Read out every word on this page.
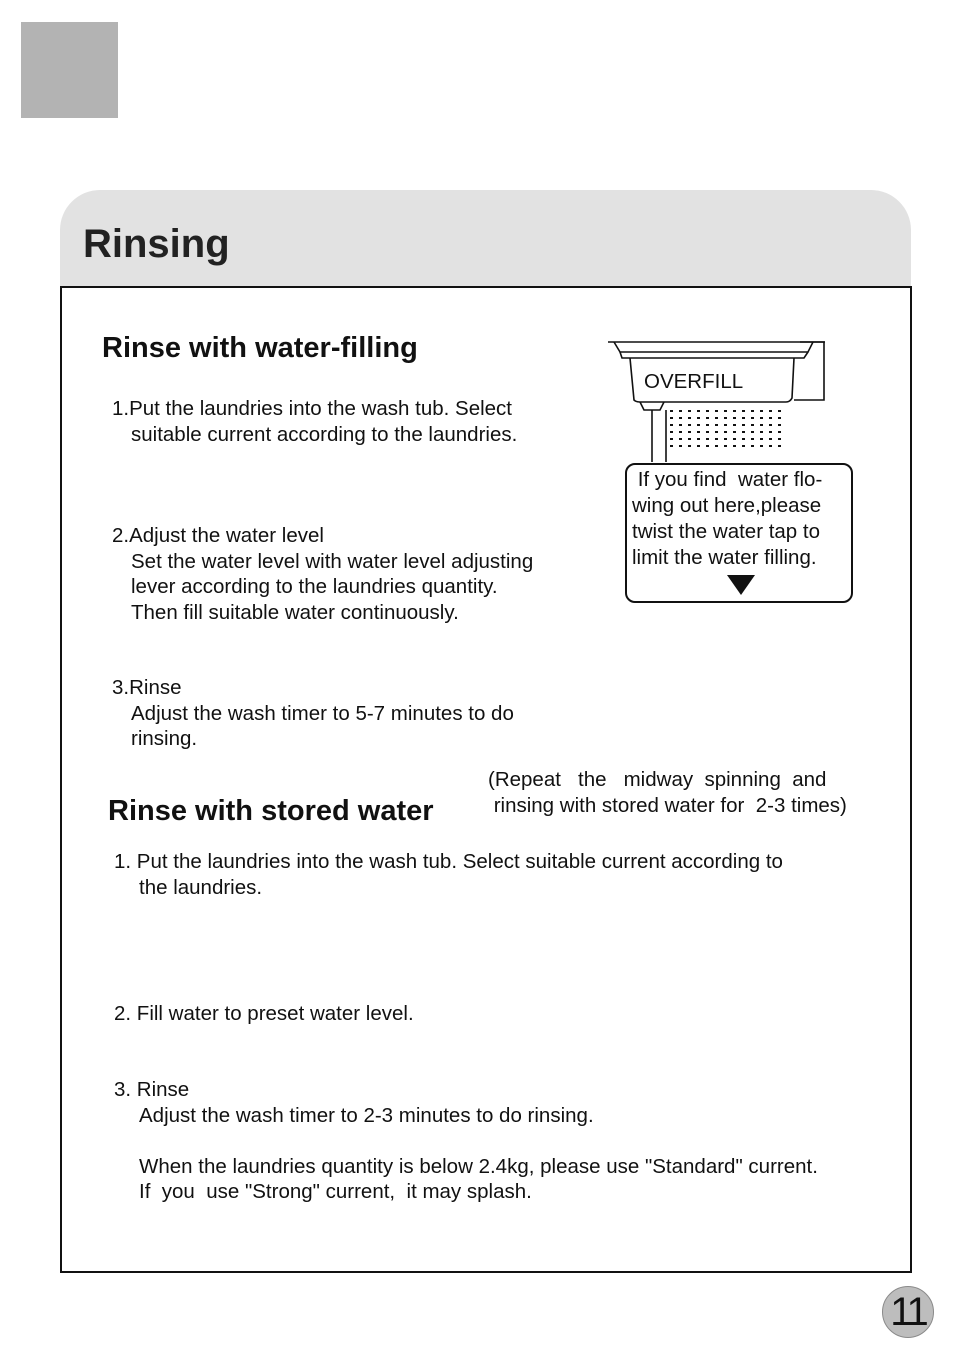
Rinsing
Rinse with water-filling
1.Put the laundries into the wash tub. Select
suitable current according to the laundries.
2.Adjust the water level
Set the water level with water level adjusting
lever according to the laundries quantity.
Then fill suitable water continuously.
3.Rinse
Adjust the wash timer to 5-7 minutes to do
rinsing.
OVERFILL
If you find  water flo-
wing out here,please
twist the water tap to
limit the water filling.
(Repeat   the   midway  spinning  and
rinsing with stored water for  2-3 times)
Rinse with stored water
1. Put the laundries into the wash tub. Select suitable current according to
the laundries.
2. Fill water to preset water level.
3. Rinse
Adjust the wash timer to 2-3 minutes to do rinsing.
When the laundries quantity is below 2.4kg, please use "Standard" current.
If  you  use "Strong" current,  it may splash.
11
